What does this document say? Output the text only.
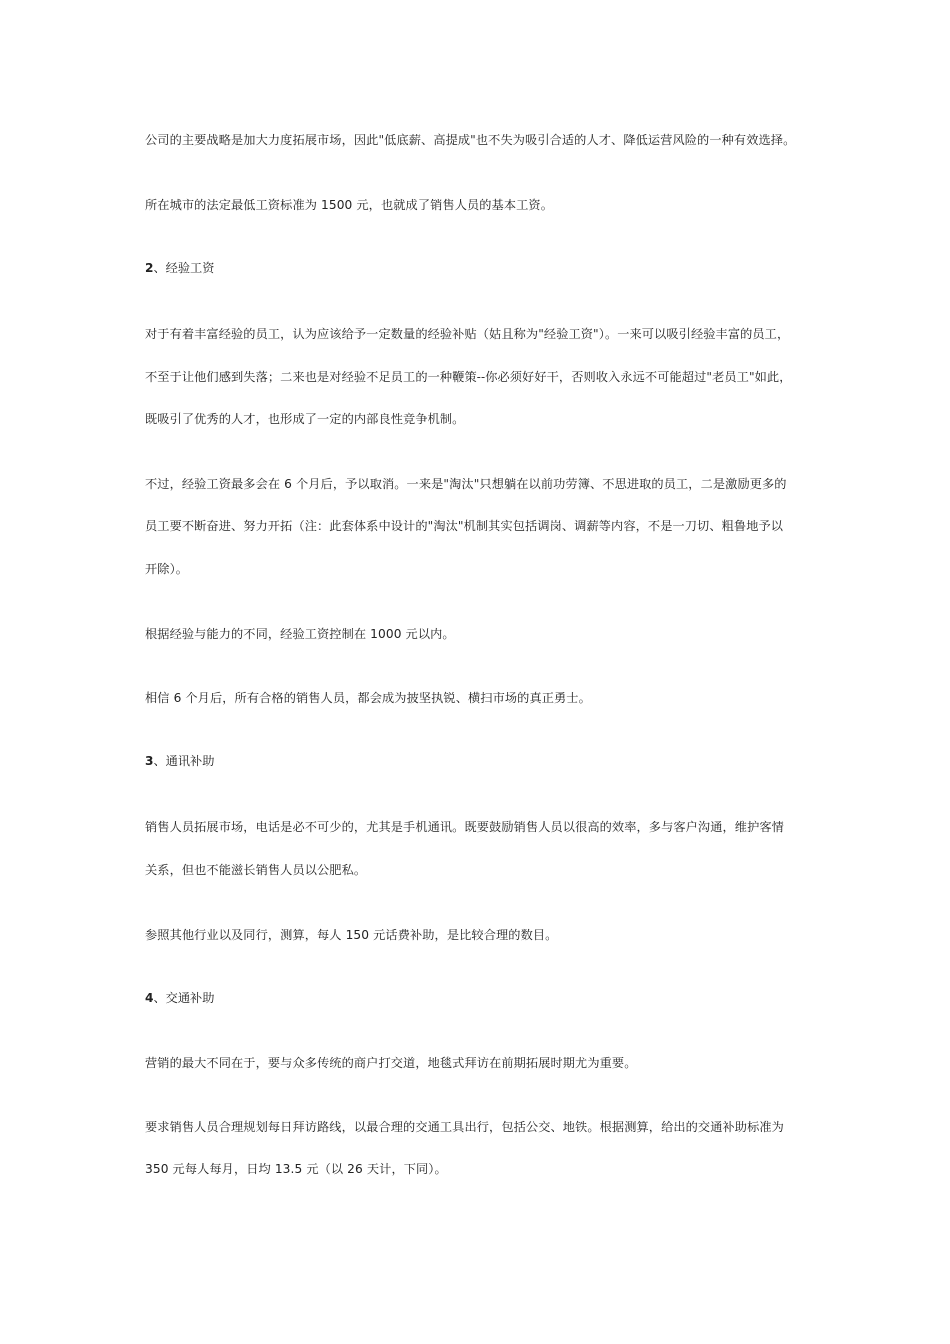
公司的主要战略是加大力度拓展市场，因此"低底薪、高提成"也不失为吸引合适的人才、降低运营风险的一种有效选择。
所在城市的法定最低工资标准为 1500 元，也就成了销售人员的基本工资。
2、经验工资
对于有着丰富经验的员工，认为应该给予一定数量的经验补贴（姑且称为"经验工资"）。一来可以吸引经验丰富的员工，
不至于让他们感到失落；二来也是对经验不足员工的一种鞭策--你必须好好干，否则收入永远不可能超过"老员工"如此，
既吸引了优秀的人才，也形成了一定的内部良性竞争机制。
不过，经验工资最多会在 6 个月后，予以取消。一来是"淘汰"只想躺在以前功劳簿、不思进取的员工，二是激励更多的
员工要不断奋进、努力开拓（注：此套体系中设计的"淘汰"机制其实包括调岗、调薪等内容，不是一刀切、粗鲁地予以
开除）。
根据经验与能力的不同，经验工资控制在 1000 元以内。
相信 6 个月后，所有合格的销售人员，都会成为披坚执锐、横扫市场的真正勇士。
3、通讯补助
销售人员拓展市场，电话是必不可少的，尤其是手机通讯。既要鼓励销售人员以很高的效率，多与客户沟通，维护客情
关系，但也不能滋长销售人员以公肥私。
参照其他行业以及同行，测算，每人 150 元话费补助，是比较合理的数目。
4、交通补助
营销的最大不同在于，要与众多传统的商户打交道，地毯式拜访在前期拓展时期尤为重要。
要求销售人员合理规划每日拜访路线，以最合理的交通工具出行，包括公交、地铁。根据测算，给出的交通补助标准为
350 元每人每月，日均 13.5 元（以 26 天计，下同）。
